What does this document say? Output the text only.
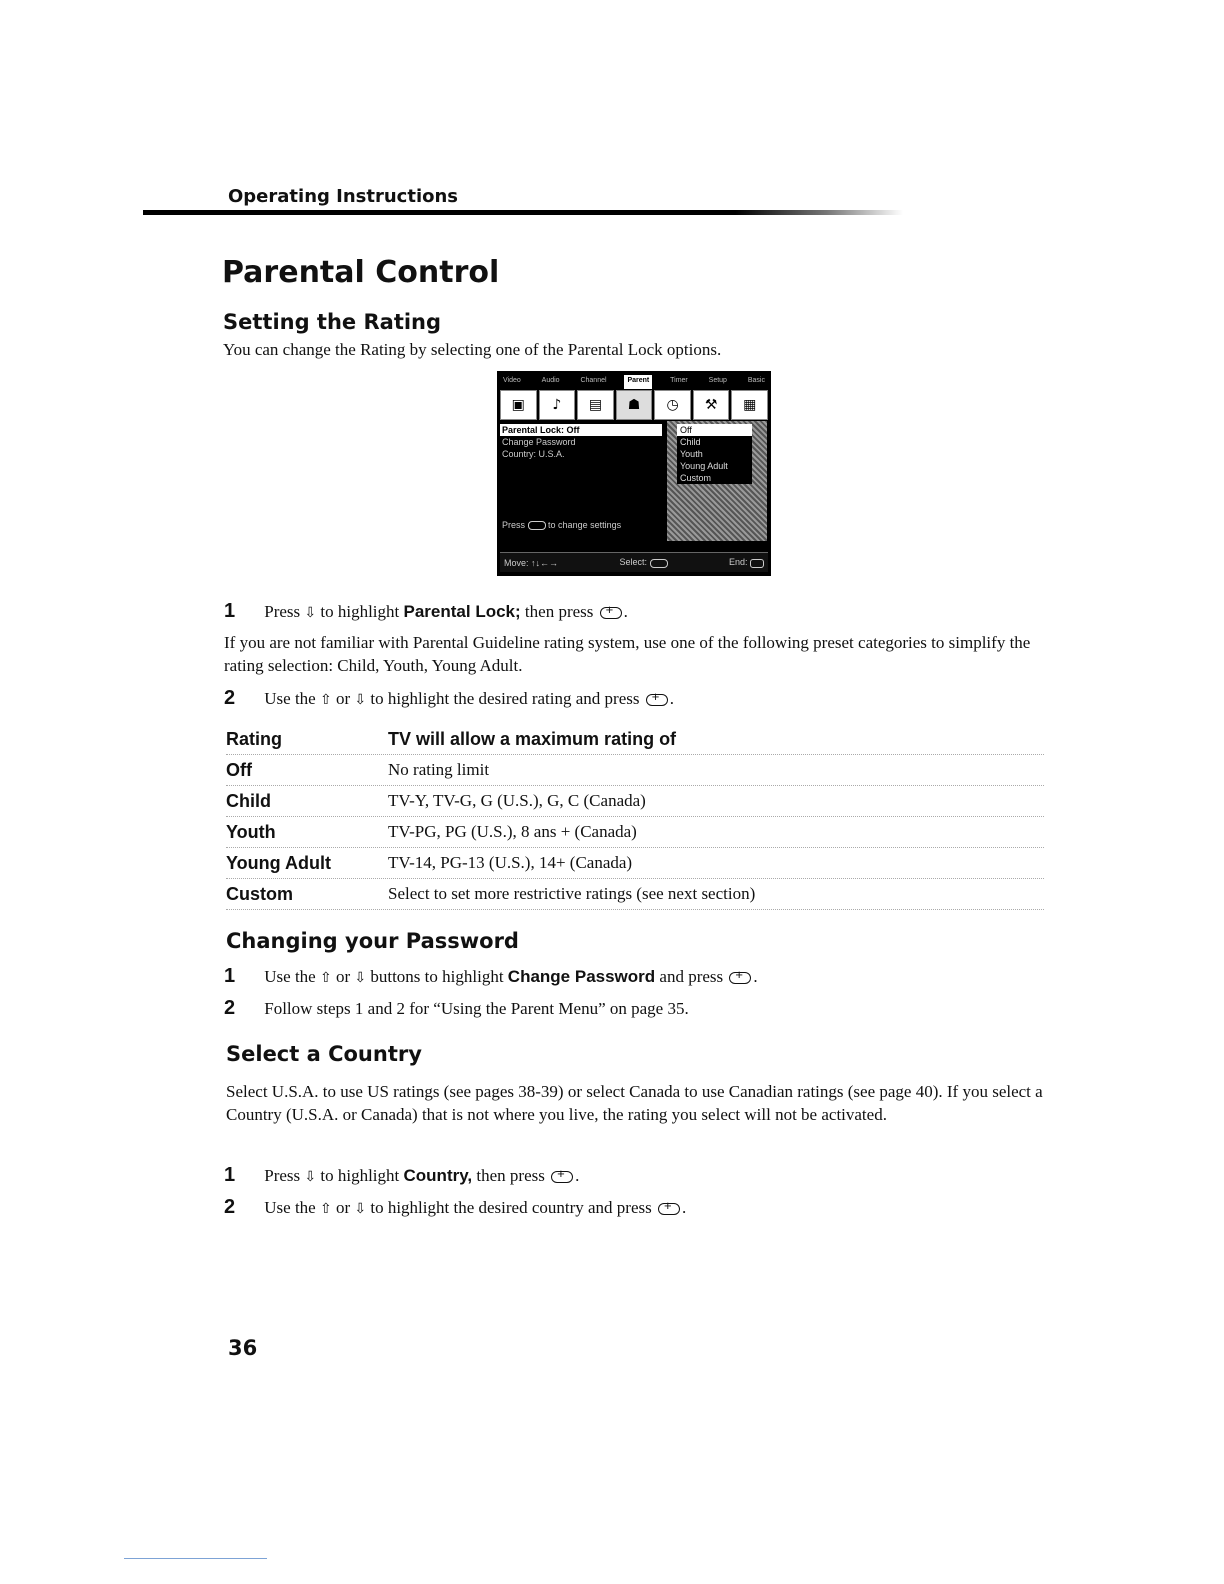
Operating Instructions
Parental Control
Setting the Rating
You can change the Rating by selecting one of the Parental Lock options.
Video	Audio	Channel	Parent	Timer	Setup	Basic
▣	♪	▤	☗	◷	⚒	▦
Parental Lock: Off
Change Password
Country: U.S.A.
Press	to change settings
Off
Child
Youth
Young Adult
Custom
Move: ↑↓←→	Select:	End:
1 Press ⇩ to highlight Parental Lock; then press + .
If you are not familiar with Parental Guideline rating system, use one of the following preset categories to simplify the rating selection: Child, Youth, Young Adult.
2 Use the ⇧ or ⇩ to highlight the desired rating and press + .
Rating	TV will allow a maximum rating of
Off	No rating limit
Child	TV-Y, TV-G, G (U.S.), G, C (Canada)
Youth	TV-PG, PG (U.S.), 8 ans + (Canada)
Young Adult	TV-14, PG-13 (U.S.), 14+ (Canada)
Custom	Select to set more restrictive ratings (see next section)
Changing your Password
1 Use the ⇧ or ⇩ buttons to highlight Change Password and press + .
2 Follow steps 1 and 2 for “Using the Parent Menu” on page 35.
Select a Country
Select U.S.A. to use US ratings (see pages 38-39) or select Canada to use Canadian ratings (see page 40). If you select a Country (U.S.A. or Canada) that is not where you live, the rating you select will not be activated.
1 Press ⇩ to highlight Country, then press + .
2 Use the ⇧ or ⇩ to highlight the desired country and press + .
36
